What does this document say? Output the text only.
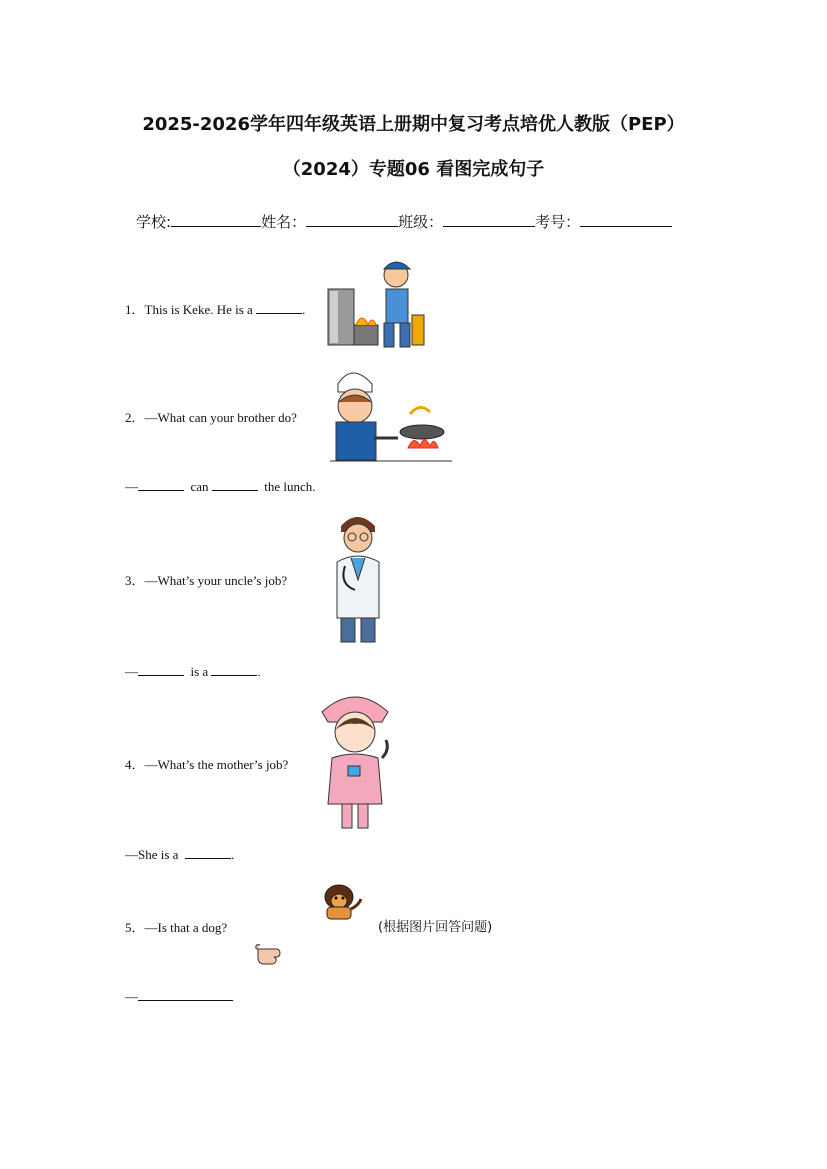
2025-2026学年四年级英语上册期中复习考点培优人教版（PEP）
（2024）专题06 看图完成句子
学校:	姓名：	班级：	考号：
1．This is Keke. He is a	.
2．—What can your brother do?
—	can	the lunch.
3．—What’s your uncle’s job?
—	is a	.
4．—What’s the mother’s job?
—She is a	.
5．—Is that a dog?	(根据图片回答问题)
—
